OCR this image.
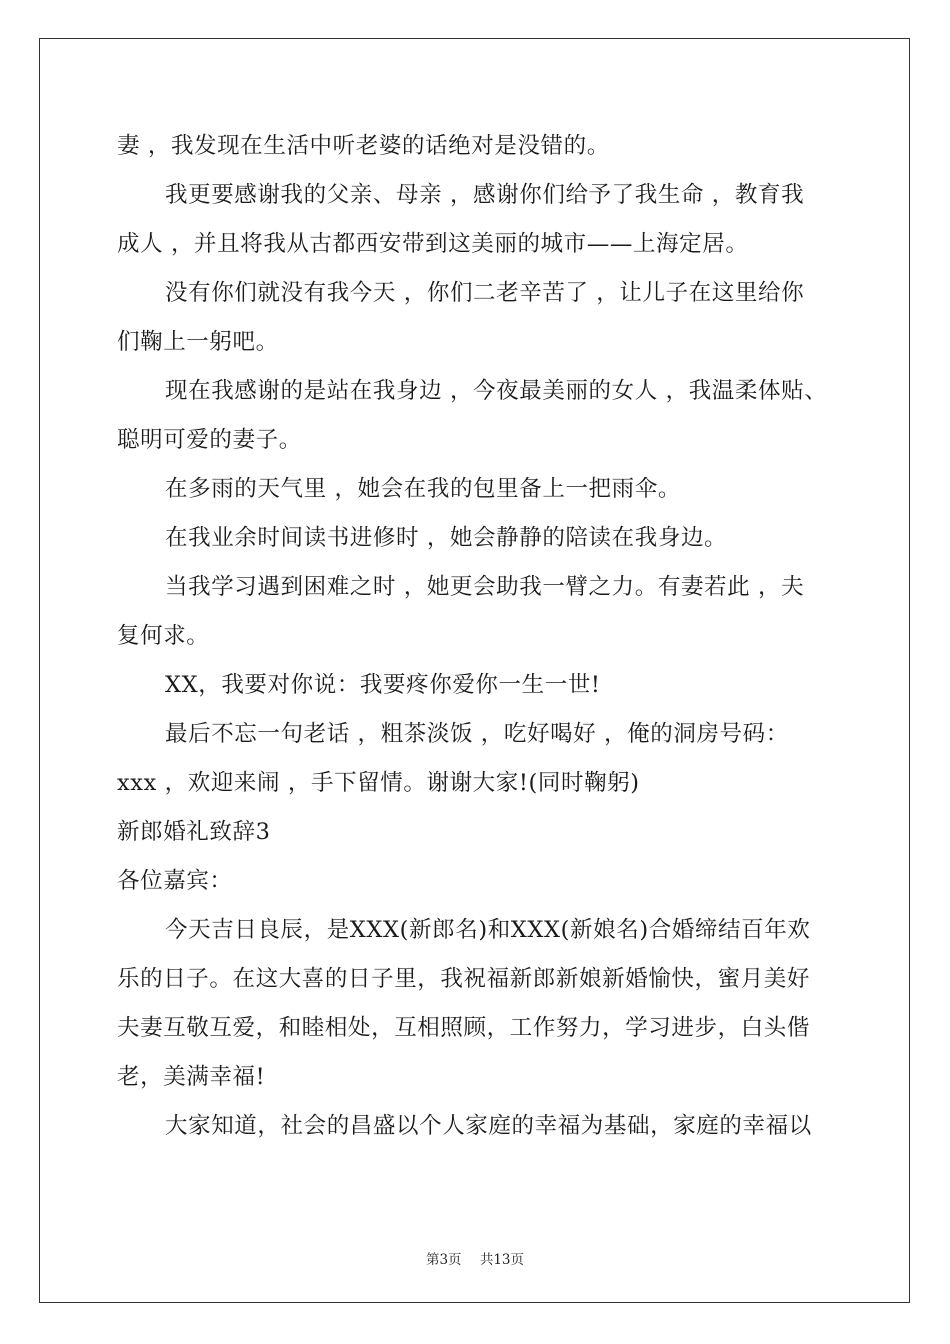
妻 ，我发现在生活中听老婆的话绝对是没错的。
我更要感谢我的父亲、母亲 ，感谢你们给予了我生命 ，教育我
成人 ，并且将我从古都西安带到这美丽的城市——上海定居。
没有你们就没有我今天 ，你们二老辛苦了 ，让儿子在这里给你
们鞠上一躬吧。
现在我感谢的是站在我身边 ，今夜最美丽的女人 ，我温柔体贴、
聪明可爱的妻子。
在多雨的天气里 ，她会在我的包里备上一把雨伞。
在我业余时间读书进修时 ，她会静静的陪读在我身边。
当我学习遇到困难之时 ，她更会助我一臂之力。有妻若此 ，夫
复何求。
XX，我要对你说：我要疼你爱你一生一世!
最后不忘一句老话 ，粗茶淡饭 ，吃好喝好 ，俺的洞房号码：
xxx ，欢迎来闹 ，手下留情。谢谢大家!(同时鞠躬)
新郎婚礼致辞3
各位嘉宾：
今天吉日良辰，是XXX(新郎名)和XXX(新娘名)合婚缔结百年欢
乐的日子。在这大喜的日子里，我祝福新郎新娘新婚愉快，蜜月美好
夫妻互敬互爱，和睦相处，互相照顾，工作努力，学习进步，白头偕
老，美满幸福!
大家知道，社会的昌盛以个人家庭的幸福为基础，家庭的幸福以
第3页 共13页
